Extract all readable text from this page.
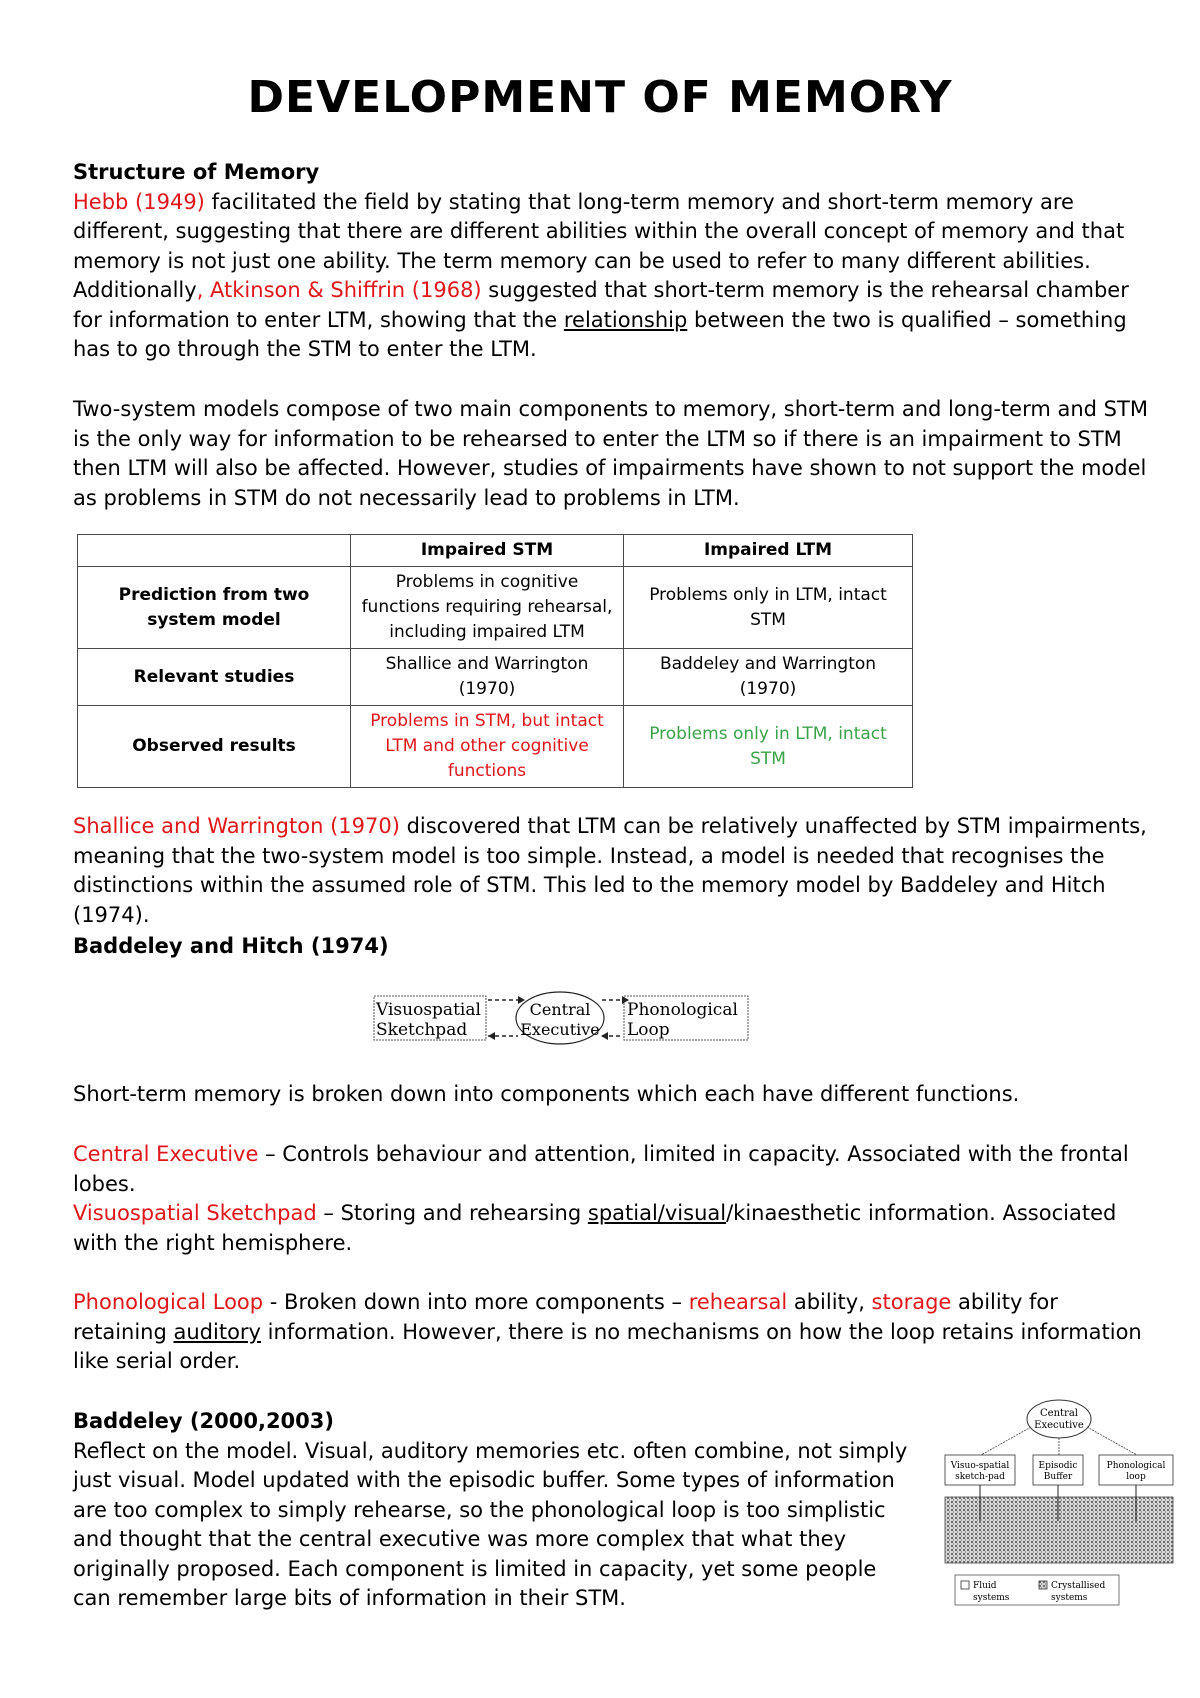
DEVELOPMENT OF MEMORY
Structure of Memory
Hebb (1949) facilitated the field by stating that long-term memory and short-term memory are different, suggesting that there are different abilities within the overall concept of memory and that memory is not just one ability. The term memory can be used to refer to many different abilities. Additionally, Atkinson & Shiffrin (1968) suggested that short-term memory is the rehearsal chamber for information to enter LTM, showing that the relationship between the two is qualified – something has to go through the STM to enter the LTM.
Two-system models compose of two main components to memory, short-term and long-term and STM is the only way for information to be rehearsed to enter the LTM so if there is an impairment to STM then LTM will also be affected. However, studies of impairments have shown to not support the model as problems in STM do not necessarily lead to problems in LTM.
	Impaired STM	Impaired LTM
Prediction from two system model	Problems in cognitive functions requiring rehearsal, including impaired LTM	Problems only in LTM, intact STM
Relevant studies	Shallice and Warrington (1970)	Baddeley and Warrington (1970)
Observed results	Problems in STM, but intact LTM and other cognitive functions	Problems only in LTM, intact STM
Shallice and Warrington (1970) discovered that LTM can be relatively unaffected by STM impairments, meaning that the two-system model is too simple. Instead, a model is needed that recognises the distinctions within the assumed role of STM. This led to the memory model by Baddeley and Hitch (1974).
Baddeley and Hitch (1974)
Visuospatial
Sketchpad
Central
Executive
Phonological
Loop
Short-term memory is broken down into components which each have different functions.
Central Executive – Controls behaviour and attention, limited in capacity. Associated with the frontal lobes.
Visuospatial Sketchpad – Storing and rehearsing spatial/visual/kinaesthetic information. Associated with the right hemisphere.
Phonological Loop - Broken down into more components – rehearsal ability, storage ability for retaining auditory information. However, there is no mechanisms on how the loop retains information like serial order.
Baddeley (2000,2003)
Reflect on the model. Visual, auditory memories etc. often combine, not simply just visual. Model updated with the episodic buffer. Some types of information are too complex to simply rehearse, so the phonological loop is too simplistic and thought that the central executive was more complex that what they originally proposed. Each component is limited in capacity, yet some people can remember large bits of information in their STM.
Central
Executive
Visuo-spatial
sketch-pad
Episodic
Buffer
Phonological
loop
Fluid
systems
Crystallised
systems
